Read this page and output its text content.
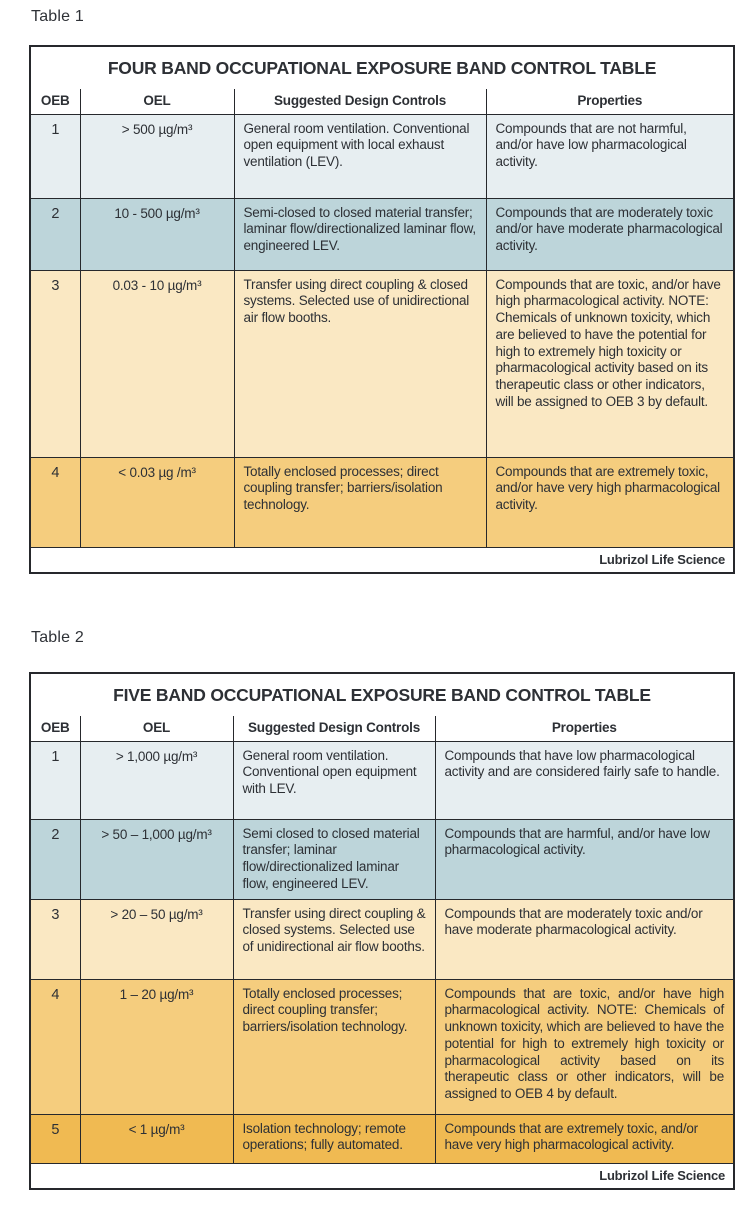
Table 1
FOUR BAND OCCUPATIONAL EXPOSURE BAND CONTROL TABLE			
OEB	OEL	Suggested Design Controls	Properties
1	> 500 µg/m³	General room ventilation. Conventional open equipment with local exhaust ventilation (LEV).	Compounds that are not harmful, and/or have low pharmacological activity.
2	10 - 500 µg/m³	Semi-closed to closed material transfer; laminar flow/directionalized laminar flow, engineered LEV.	Compounds that are moderately toxic and/or have moderate pharmacological activity.
3	0.03 - 10 µg/m³	Transfer using direct coupling & closed systems. Selected use of unidirectional air flow booths.	Compounds that are toxic, and/or have high pharmacological activity. NOTE: Chemicals of unknown toxicity, which are believed to have the potential for high to extremely high toxicity or pharmacological activity based on its therapeutic class or other indicators, will be assigned to OEB 3 by default.
4	< 0.03 µg /m³	Totally enclosed processes; direct coupling transfer; barriers/isolation technology.	Compounds that are extremely toxic, and/or have very high pharmacological activity.
Lubrizol Life Science			
Table 2
FIVE BAND OCCUPATIONAL EXPOSURE BAND CONTROL TABLE			
OEB	OEL	Suggested Design Controls	Properties
1	> 1,000 µg/m³	General room ventilation. Conventional open equipment with LEV.	Compounds that have low pharmacological activity and are considered fairly safe to handle.
2	> 50 – 1,000 µg/m³	Semi closed to closed material transfer; laminar flow/directionalized laminar flow, engineered LEV.	Compounds that are harmful, and/or have low pharmacological activity.
3	> 20 – 50 µg/m³	Transfer using direct coupling & closed systems. Selected use of unidirectional air flow booths.	Compounds that are moderately toxic and/or have moderate pharmacological activity.
4	1 – 20 µg/m³	Totally enclosed processes; direct coupling transfer; barriers/isolation technology.	Compounds that are toxic, and/or have high pharmacological activity. NOTE: Chemicals of unknown toxicity, which are believed to have the potential for high to extremely high toxicity or pharmacological activity based on its therapeutic class or other indicators, will be assigned to OEB 4 by default.
5	< 1 µg/m³	Isolation technology; remote operations; fully automated.	Compounds that are extremely toxic, and/or have very high pharmacological activity.
Lubrizol Life Science			
